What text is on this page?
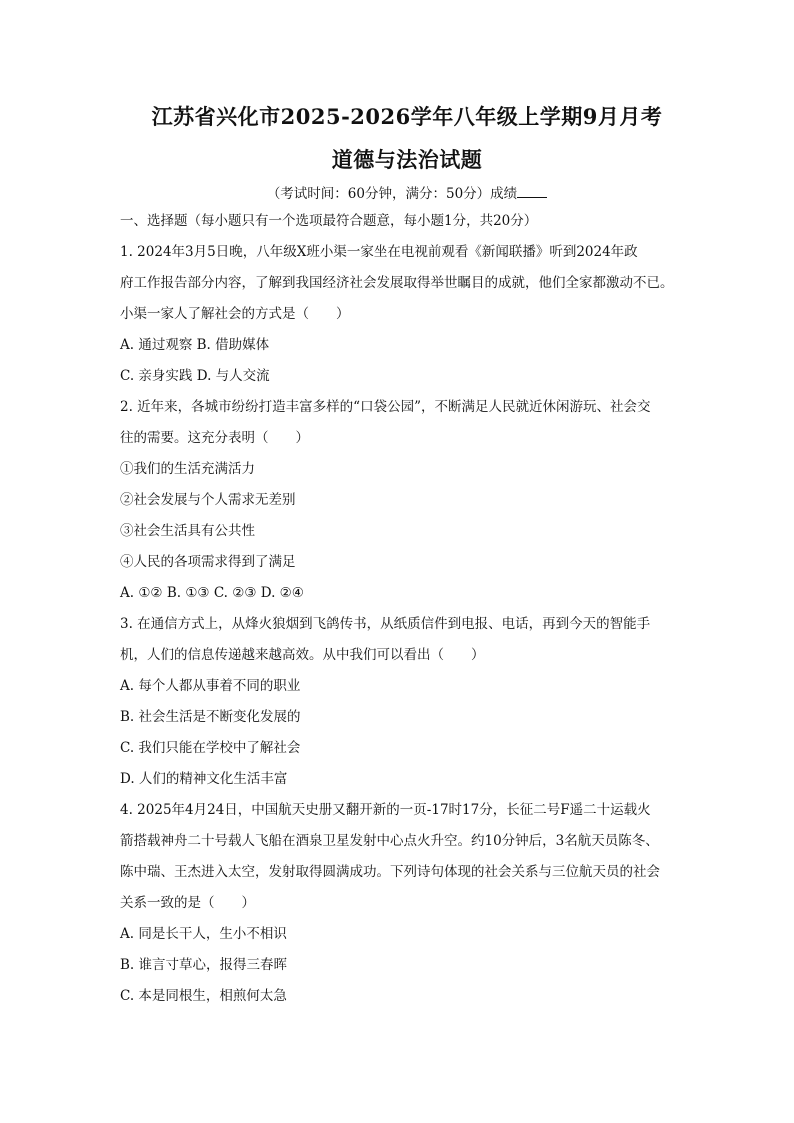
江苏省兴化市2025-2026学年八年级上学期9月月考
道德与法治试题
（考试时间：60分钟，满分：50分）成绩

一、选择题（每小题只有一个选项最符合题意，每小题1分，共20分）

1. 2024年3月5日晚，八年级X班小渠一家坐在电视前观看《新闻联播》听到2024年政

府工作报告部分内容，了解到我国经济社会发展取得举世瞩目的成就，他们全家都激动不已。

小渠一家人了解社会的方式是（　　）

A. 通过观察 B. 借助媒体

C. 亲身实践 D. 与人交流

2. 近年来，各城市纷纷打造丰富多样的“口袋公园”，不断满足人民就近休闲游玩、社会交

往的需要。这充分表明（　　）

①我们的生活充满活力

②社会发展与个人需求无差别

③社会生活具有公共性

④人民的各项需求得到了满足

A. ①② B. ①③ C. ②③ D. ②④

3. 在通信方式上，从烽火狼烟到飞鸽传书，从纸质信件到电报、电话，再到今天的智能手

机，人们的信息传递越来越高效。从中我们可以看出（　　）

A. 每个人都从事着不同的职业

B. 社会生活是不断变化发展的

C. 我们只能在学校中了解社会

D. 人们的精神文化生活丰富

4. 2025年4月24日，中国航天史册又翻开新的一页-17时17分，长征二号F遥二十运载火

箭搭载神舟二十号载人飞船在酒泉卫星发射中心点火升空。约10分钟后，3名航天员陈冬、

陈中瑞、王杰进入太空，发射取得圆满成功。下列诗句体现的社会关系与三位航天员的社会

关系一致的是（　　）

A. 同是长干人，生小不相识

B. 谁言寸草心，报得三春晖

C. 本是同根生，相煎何太急
